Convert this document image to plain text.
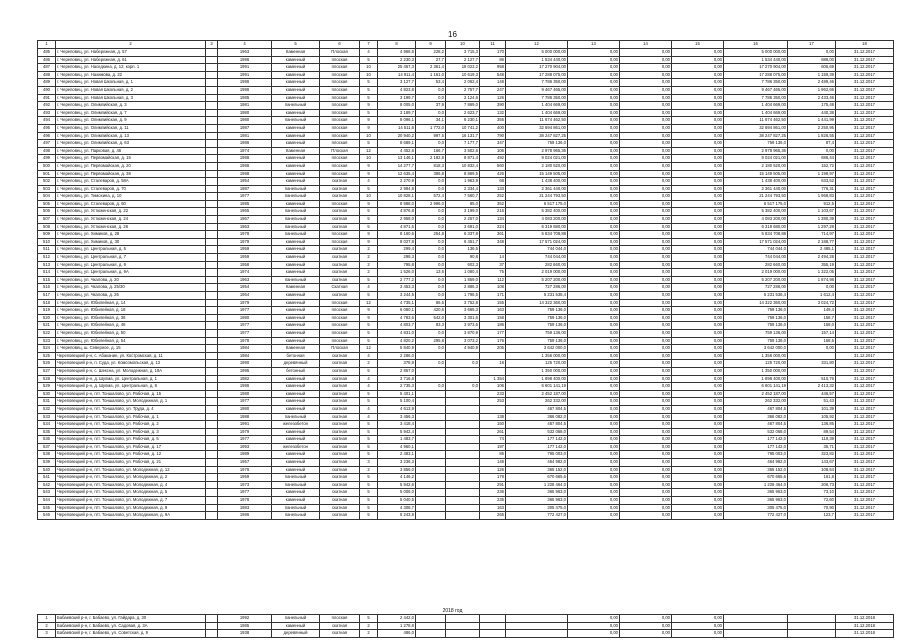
16
1	2	3	4	5	6	7	8	9	10	11	12	13	14	15	16	17	18
485	г. Череповец, ул. Набережная, д. 57		1963	Каменная	Плоская	4	4 968,6	228,2	3 715,3	170	5 000 000,00	0,00	0,00	0,00	5 000 000,00	0,00	31.12.2017
486	г. Череповец, ул. Набережная, д. 61		1986	каменный	плоская	5	2 230,3	27,7	2 127,7	86	1 534 440,00	0,00	0,00	0,00	1 534 440,00	688,00	31.12.2017
487	г. Череповец, ул. Наседкина, д. 12, корп. 1		1991	каменный	плоская	10	25 467,3	2 361,4	18 023,2	958	17 270 904,00	0,00	0,00	0,00	17 270 904,00	606,69	31.12.2017
488	г. Череповец, ул. Нахимова, д. 22		1991	каменный	плоская	10	14 911,4	1 161,0	10 619,3	548	17 288 075,00	0,00	0,00	0,00	17 288 075,00	1 159,39	31.12.2017
489	г. Череповец, ул. Новая Школьная, д. 1		1986	каменный	плоская	5	3 127,7	53,4	2 062,4	148	7 786 350,00	0,00	0,00	0,00	7 786 350,00	2 489,46	31.12.2017
490	г. Череповец, ул. Новая Школьная, д. 2		1986	каменный	плоская	5	4 823,8	0,0	2 757,7	247	9 467 465,00	0,00	0,00	0,00	9 467 465,00	1 962,66	31.12.2017
491	г. Череповец, ул. Новая Школьная, д. 3		1985	каменный	плоская	5	3 199,7	0,0	2 124,6	126	7 786 350,00	0,00	0,00	0,00	7 786 350,00	2 433,46	31.12.2017
492	г. Череповец, ул. Олимпийская, д. 3		1981	панельный	плоская	9	8 005,0	37,9	7 869,0	390	1 404 669,00	0,00	0,00	0,00	1 404 669,00	175,48	31.12.2017
493	г. Череповец, ул. Олимпийская, д. 7		1980	каменный	плоская	5	3 189,7	0,0	2 623,7	132	1 404 669,00	0,00	0,00	0,00	1 404 669,00	440,38	31.12.2017
494	г. Череповец, ул. Олимпийская, д. 9		1980	панельный	плоская	9	8 096,1	34,1	6 230,1	355	11 674 462,50	0,00	0,00	0,00	11 674 462,50	1 441,99	31.12.2017
495	г. Череповец, ул. Олимпийская, д. 11		1987	каменный	плоская	9	14 511,6	1 772,0	10 741,2	400	32 694 861,00	0,00	0,00	0,00	32 694 861,00	2 250,95	31.12.2017
496	г. Череповец, ул. Олимпийская, д. 13		1981	каменный	плоская	10	20 940,2	997,5	16 131,7	790	38 247 827,25	0,00	0,00	0,00	38 247 827,25	1 826,55	31.12.2017
497	г. Череповец, ул. Олимпийская, д. 63		1986	каменный	плоская	5	8 689,1	0,0	7 177,7	347	759 136,0	0,00	0,00	0,00	759 136,0	87,4	31.12.2017
498	г. Череповец, ул. Парковая, д. 46		1974	Каменная	Плоская	12	4 452,6	166,7	3 502,6	106	2 978 965,36	0,00	0,00	0,00	2 978 965,36	0,00	31.12.2017
499	г. Череповец, ул. Первомайская, д. 15		1986	каменный	плоская	10	13 146,1	2 182,8	8 871,4	492	9 024 021,00	0,00	0,00	0,00	9 024 021,00	686,44	31.12.2017
500	г. Череповец, ул. Первомайская, д. 20		1986	каменный	плоская	9	14 277,7	818,3	10 832,4	560	2 180 520,00	0,00	0,00	0,00	2 180 520,00	152,72	31.12.2017
501	г. Череповец, ул. Первомайская, д. 38		1988	каменный	плоская	9	12 635,4	386,8	8 869,5	426	15 149 505,00	0,00	0,00	0,00	15 149 505,00	1 198,97	31.12.2017
502	г. Череповец, ул. Сталеваров, д. 58А		1954	каменный	скатная	4	2 270,9	0,0	1 963,9	68	1 438 400,00	0,00	0,00	0,00	1 438 400,00	633,52	31.12.2017
503	г. Череповец, ул. Сталеваров, д. 70		1987	панельный	скатная	5	2 984,8	0,0	2 334,4	133	2 361 440,00	0,00	0,00	0,00	2 361 440,00	776,31	31.12.2017
504	г. Череповец, ул. Тимохина, д. 10		1977	панельный	скатная	10	10 828,1	572,4	7 560,7	252	21 244 793,50	0,00	0,00	0,00	21 244 793,50	1 968,83	31.12.2017
505	г. Череповец, ул. Сталеваров, д. 60		1985	каменный	плоская	9	8 988,0	2 996,0	85,0	352	6 517 175,0	0,00	0,00	0,00	6 517 175,0	912,5	31.12.2017
506	г. Череповец, ул. Устюженская, д. 22		1965	панельный	скатная	5	4 876,8	0,0	3 199,0	216	5 382 400,00	0,00	0,00	0,00	5 382 400,00	1 103,67	31.12.2017
507	г. Череповец, ул. Устюженская, д. 24		1967	панельный	скатная	5	2 958,0	0,0	2 257,0	134	4 083 200,00	0,00	0,00	0,00	4 083 200,00	1 380,39	31.12.2017
508	г. Череповец, ул. Устюженская, д. 26		1963	панельный	скатная	5	4 871,5	0,0	3 691,0	224	6 319 680,00	0,00	0,00	0,00	6 319 680,00	1 297,28	31.12.2017
509	г. Череповец, ул. Химиков, д. 28		1978	панельный	плоская	9	8 160,6	254,8	6 337,8	361	5 834 708,88	0,00	0,00	0,00	5 834 708,88	714,97	31.12.2017
510	г. Череповец, ул. Химиков, д. 30		1979	каменный	плоская	9	8 027,8	0,0	6 451,7	348	17 571 024,00	0,00	0,00	0,00	17 571 024,00	2 188,77	31.12.2017
511	г. Череповец, ул. Центральная, д. 5		1959	каменный	скатная	2	299,4	0,0	136,5		744 044,0	0,00	0,00	0,00	744 044,0	2 485,1	31.12.2017
512	г. Череповец, ул. Центральная, д. 7		1959	каменный	скатная	2	298,3	0,0	90,8	14	744 044,00	0,00	0,00	0,00	744 044,00	2 494,28	31.12.2017
513	г. Череповец, ул. Центральная, д. 9		1958	каменный	скатная	2	795,8	0,0	602,3	37	282 660,00	0,00	0,00	0,00	282 660,00	355,19	31.12.2017
514	г. Череповец, ул. Центральная, д. 9А		1974	каменный	скатная	2	1 526,0	13,6	1 080,4	75	2 019 000,00	0,00	0,00	0,00	2 019 000,00	1 322,05	31.12.2017
515	г. Череповец, ул. Чкалова, д. 20		1963	панельный	скатная	5	2 777,2	0,0	1 859,0	112	5 207 200,00	0,00	0,00	0,00	5 207 200,00	1 874,98	31.12.2017
516	г. Череповец, ул. Чкалова, д. 25/30		1954	Каменная	Скатная	4	3 453,3	0,0	2 886,3	108	727 286,00	0,00	0,00	0,00	727 286,00	0,00	31.12.2017
517	г. Череповец, ул. Чкалова, д. 26		1964	каменный	скатная	5	3 244,5	0,0	1 796,5	171	5 231 538,4	0,00	0,00	0,00	5 231 538,4	1 612,4	31.12.2017
518	г. Череповец, ул. Юбилейная, д. 14		1979	каменный	плоская	12	4 735,1	86,5	3 752,8	155	14 322 360,00	0,00	0,00	0,00	14 322 360,00	3 024,72	31.12.2017
519	г. Череповец, ул. Юбилейная, д. 18		1977	каменный	плоская	9	6 080,1	420,6	3 665,3	163	759 136,0	0,00	0,00	0,00	759 136,0	149,4	31.12.2017
520	г. Череповец, ул. Юбилейная, д. 36		1980	каменный	плоская	9	4 783,6	542,0	3 301,6	158	759 136,0	0,00	0,00	0,00	759 136,0	158,7	31.12.2017
521	г. Череповец, ул. Юбилейная, д. 48		1977	каменный	плоская	5	4 803,7	83,3	3 973,6	186	759 136,0	0,00	0,00	0,00	759 136,0	158,0	31.12.2017
522	г. Череповец, ул. Юбилейная, д. 50		1977	каменный	плоская	5	4 831,0	0,0	3 870,9	177	759 136,00	0,00	0,00	0,00	759 136,00	157,14	31.12.2017
523	г. Череповец, ул. Юбилейная, д. 54		1978	каменный	плоская	5	4 820,2	295,8	3 073,2	176	759 136,0	0,00	0,00	0,00	759 136,0	158,5	31.12.2017
524	г. Череповец, ш. Северное, д. 15		1984	Каменная	Плоская	12	5 840,9	0,0	4 940,9	205	3 642 000,0	0,00	0,00	0,00	3 642 000,0	0,00	31.12.2017
525	Череповецкий р-н, с. Абакание, ул. Костромская, д. 11		1984	бетонная	скатная	4	2 286,0				1 356 000,00	0,00	0,00	0,00	1 356 000,00		31.12.2017
526	Череповецкий р-н, п. Суда, ул. Комсомольская, д. 13		1990	деревянный	скатная	2	378,9	0,0	0,0	18	125 720,00	0,00	0,00	0,00	125 720,00	331,80	31.12.2017
527	Череповецкий р-н, с. Шексна, ул. Молодежная, д. 19А		1995	бетонный	скатная	5	2 857,0				1 350 000,00	0,00	0,00	0,00	1 350 000,00		31.12.2017
528	Череповецкий р-н, д. Шулма, ул. Центральная, д. 1		1982	каменный	скатная	4	3 716,8			1 354	1 898 400,00	0,00	0,00	0,00	1 898 400,00	510,76	31.12.2017
529	Череповецкий р-н, д. Шулма, ул. Центральная, д. 8		1986	каменный	скатная	4	2 735,3	0,0	0,0	106	6 601 141,19	0,00	0,00	0,00	6 601 141,19	2 413,32	31.12.2017
530	Череповецкий р-н, пгт. Тоншалово, ул. Рабочая, д. 15		1980	каменный	скатная	5	5 401,1			233	2 452 187,00	0,00	0,00	0,00	2 452 187,00	446,57	31.12.2017
531	Череповецкий р-н, пгт. Тоншалово, ул. Молодежная, д. 1		1977	каменный	скатная	5	5 100,4			253	262 332,00	0,00	0,00	0,00	262 332,00	51,43	31.12.2017
532	Череповецкий р-н, пгт. Тоншалово, ул. Труда, д. 4		1980	каменный	скатная	4	4 613,9				467 804,5	0,00	0,00	0,00	467 804,5	101,39	31.12.2017
533	Череповецкий р-н, пгт. Тоншалово, ул. Рабочая, д. 1		1988	панельный	скатная	4	3 456,3			138	366 082,0	0,00	0,00	0,00	366 082,0	105,92	31.12.2017
534	Череповецкий р-н, пгт. Тоншалово, ул. Рабочая, д. 2		1991	железобетон	скатная	5	3 418,4			150	467 804,5	0,00	0,00	0,00	467 804,5	136,85	31.12.2017
535	Череповецкий р-н, пгт. Тоншалово, ул. Рабочая, д. 3		1979	каменный	скатная	5	5 942,4			261	532 068,0	0,00	0,00	0,00	532 068,0	89,54	31.12.2017
536	Череповецкий р-н, пгт. Тоншалово, ул. Рабочая, д. 5		1977	каменный	скатная	5	1 483,7			74	177 142,0	0,00	0,00	0,00	177 142,0	119,39	31.12.2017
537	Череповецкий р-н, пгт. Тоншалово, ул. Рабочая, д. 17		1993	железобетон	скатная	5	4 960,1			197	177 142,0	0,00	0,00	0,00	177 142,0	35,71	31.12.2017
538	Череповецкий р-н, пгт. Тоншалово, ул. Рабочая, д. 12		1989	каменный	скатная	5	2 483,1			85	795 003,0	0,00	0,00	0,00	795 003,0	323,82	31.12.2017
539	Череповецкий р-н, пгт. Тоншалово, ул. Рабочая, д. 21		1957	каменный	скатная	3	3 236,3			148	464 982,0	0,00	0,00	0,00	464 982,0	143,67	31.12.2017
540	Череповецкий р-н, пгт. Тоншалово, ул. Молодежная, д. 12		1976	каменный	скатная	2	3 856,0			126	365 152,0	0,00	0,00	0,00	365 152,0	108,54	31.12.2017
541	Череповецкий р-н, пгт. Тоншалово, ул. Молодежная, д. 2		1959	панельный	скатная	5	4 146,2			178	670 665,6	0,00	0,00	0,00	670 665,6	161,8	31.12.2017
542	Череповецкий р-н, пгт. Тоншалово, ул. Молодежная, д. 4		1973	панельный	скатная	5	5 942,6			291	1 228 464,0	0,00	0,00	0,00	1 228 464,0	206,73	31.12.2017
543	Череповецкий р-н, пгт. Тоншалово, ул. Молодежная, д. 5		1977	каменный	скатная	5	5 006,0			236	365 963,0	0,00	0,00	0,00	365 963,0	73,10	31.12.2017
544	Череповецкий р-н, пгт. Тоншалово, ул. Молодежная, д. 7		1978	каменный	скатная	5	5 040,5			235	365 963,0	0,00	0,00	0,00	365 963,0	72,60	31.12.2017
545	Череповецкий р-н, пгт. Тоншалово, ул. Молодежная, д. 9		1983	панельный	скатная	5	4 308,7			163	305 475,0	0,00	0,00	0,00	305 475,0	70,90	31.12.2017
546	Череповецкий р-н, пгт. Тоншалово, ул. Молодежная, д. 9А		1986	панельный	скатная	5	5 243,8			265	772 427,0	0,00	0,00	0,00	772 427,0	123,7	31.12.2017
2018 год
1	Бабаевский р-н, г. Бабаево, ул. Гайдара, д. 30		1992	панельный	плоская	5	2 442,0					0,00	0,00	0,00			31.12.2018
2	Бабаевский р-н, г. Бабаево, ул. Садовая, д. 3А		1985	каменный	скатная	2	1 278,8					0,00	0,00	0,00			31.12.2018
3	Бабаевский р-н, г. Бабаево, ул. Советская, д. 9		1938	деревянный	скатная	2	486,0					0,00	0,00	0,00			31.12.2018
